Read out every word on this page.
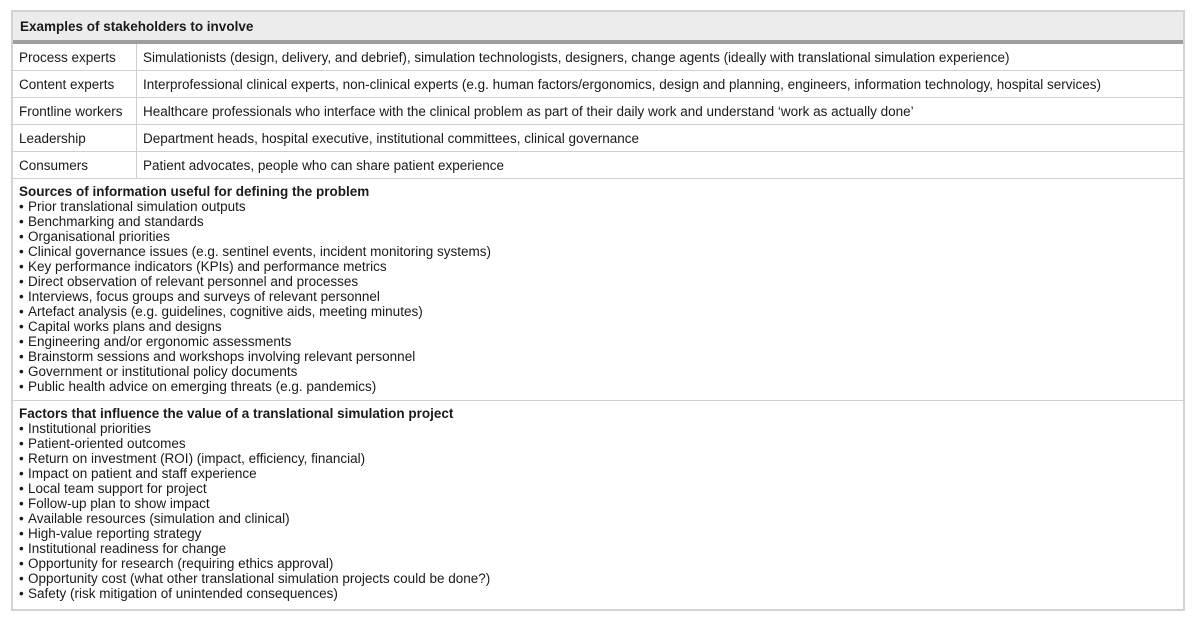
Examples of stakeholders to involve
Process experts	Simulationists (design, delivery, and debrief), simulation technologists, designers, change agents (ideally with translational simulation experience)
Content experts	Interprofessional clinical experts, non-clinical experts (e.g. human factors/ergonomics, design and planning, engineers, information technology, hospital services)
Frontline workers	Healthcare professionals who interface with the clinical problem as part of their daily work and understand ‘work as actually done’
Leadership	Department heads, hospital executive, institutional committees, clinical governance
Consumers	Patient advocates, people who can share patient experience
Sources of information useful for defining the problem
• Prior translational simulation outputs
• Benchmarking and standards
• Organisational priorities
• Clinical governance issues (e.g. sentinel events, incident monitoring systems)
• Key performance indicators (KPIs) and performance metrics
• Direct observation of relevant personnel and processes
• Interviews, focus groups and surveys of relevant personnel
• Artefact analysis (e.g. guidelines, cognitive aids, meeting minutes)
• Capital works plans and designs
• Engineering and/or ergonomic assessments
• Brainstorm sessions and workshops involving relevant personnel
• Government or institutional policy documents
• Public health advice on emerging threats (e.g. pandemics)
Factors that influence the value of a translational simulation project
• Institutional priorities
• Patient-oriented outcomes
• Return on investment (ROI) (impact, efficiency, financial)
• Impact on patient and staff experience
• Local team support for project
• Follow-up plan to show impact
• Available resources (simulation and clinical)
• High-value reporting strategy
• Institutional readiness for change
• Opportunity for research (requiring ethics approval)
• Opportunity cost (what other translational simulation projects could be done?)
• Safety (risk mitigation of unintended consequences)
